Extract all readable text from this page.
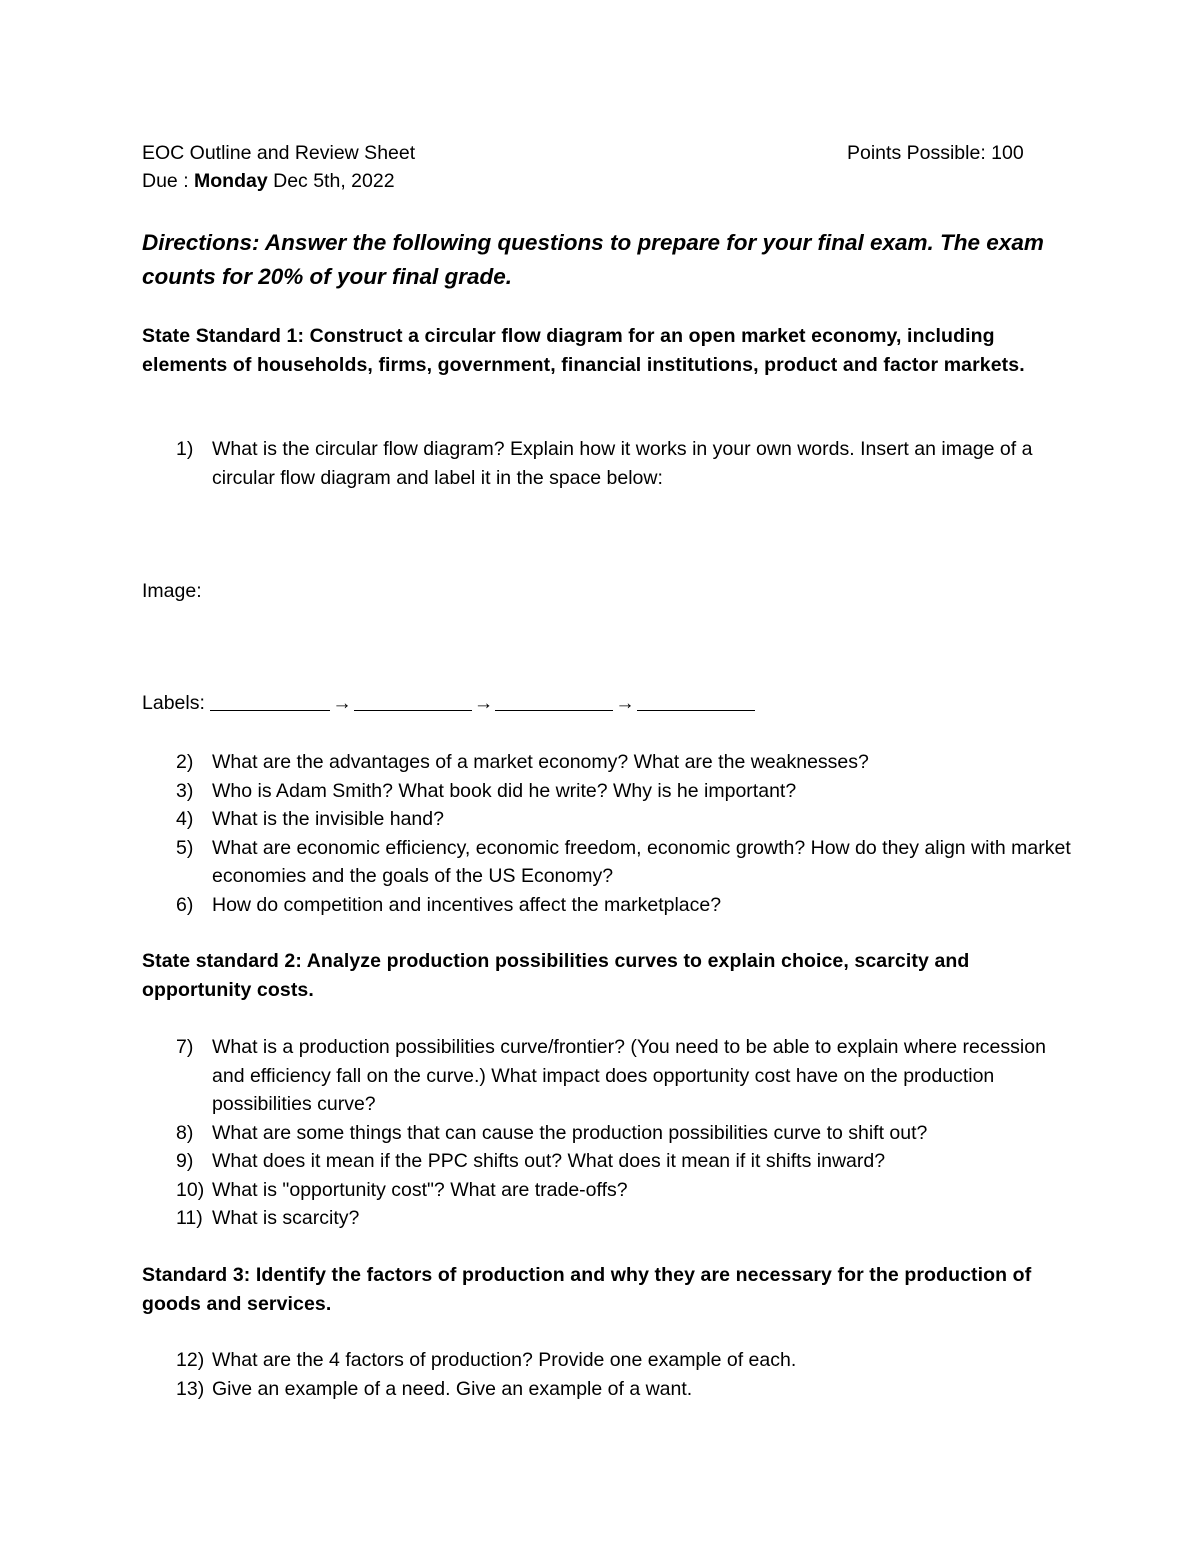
EOC Outline and Review Sheet	Points Possible: 100
Due : Monday Dec 5th, 2022
Directions: Answer the following questions to prepare for your final exam. The exam counts for 20% of your final grade.
State Standard 1: Construct a circular flow diagram for an open market economy, including elements of households, firms, government, financial institutions, product and factor markets.
1) What is the circular flow diagram? Explain how it works in your own words. Insert an image of a circular flow diagram and label it in the space below:
Image:
Labels:	→	→	→
2) What are the advantages of a market economy? What are the weaknesses?
3) Who is Adam Smith? What book did he write? Why is he important?
4) What is the invisible hand?
5) What are economic efficiency, economic freedom, economic growth? How do they align with market economies and the goals of the US Economy?
6) How do competition and incentives affect the marketplace?
State standard 2: Analyze production possibilities curves to explain choice, scarcity and opportunity costs.
7) What is a production possibilities curve/frontier? (You need to be able to explain where recession and efficiency fall on the curve.) What impact does opportunity cost have on the production possibilities curve?
8) What are some things that can cause the production possibilities curve to shift out?
9) What does it mean if the PPC shifts out? What does it mean if it shifts inward?
10) What is "opportunity cost"? What are trade-offs?
11) What is scarcity?
Standard 3: Identify the factors of production and why they are necessary for the production of goods and services.
12) What are the 4 factors of production? Provide one example of each.
13) Give an example of a need. Give an example of a want.
